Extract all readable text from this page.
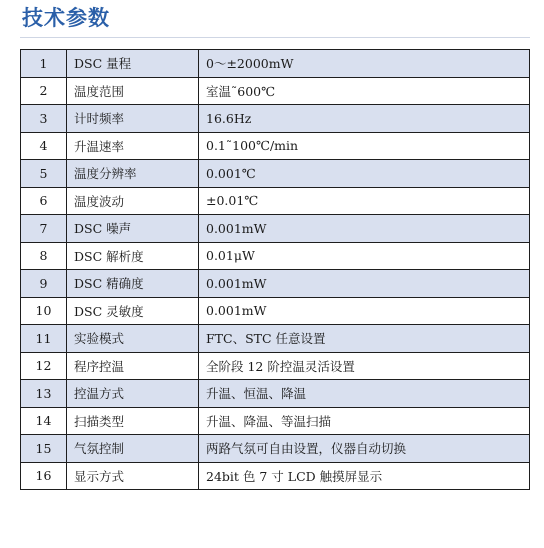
技术参数
1	DSC 量程	0～±2000mW
2	温度范围	室温˜600℃
3	计时频率	16.6Hz
4	升温速率	0.1˜100℃/min
5	温度分辨率	0.001℃
6	温度波动	±0.01℃
7	DSC 噪声	0.001mW
8	DSC 解析度	0.01μW
9	DSC 精确度	0.001mW
10	DSC 灵敏度	0.001mW
11	实验模式	FTC、STC 任意设置
12	程序控温	全阶段 12 阶控温灵活设置
13	控温方式	升温、恒温、降温
14	扫描类型	升温、降温、等温扫描
15	气氛控制	两路气氛可自由设置，仪器自动切换
16	显示方式	24bit 色 7 寸 LCD 触摸屏显示
